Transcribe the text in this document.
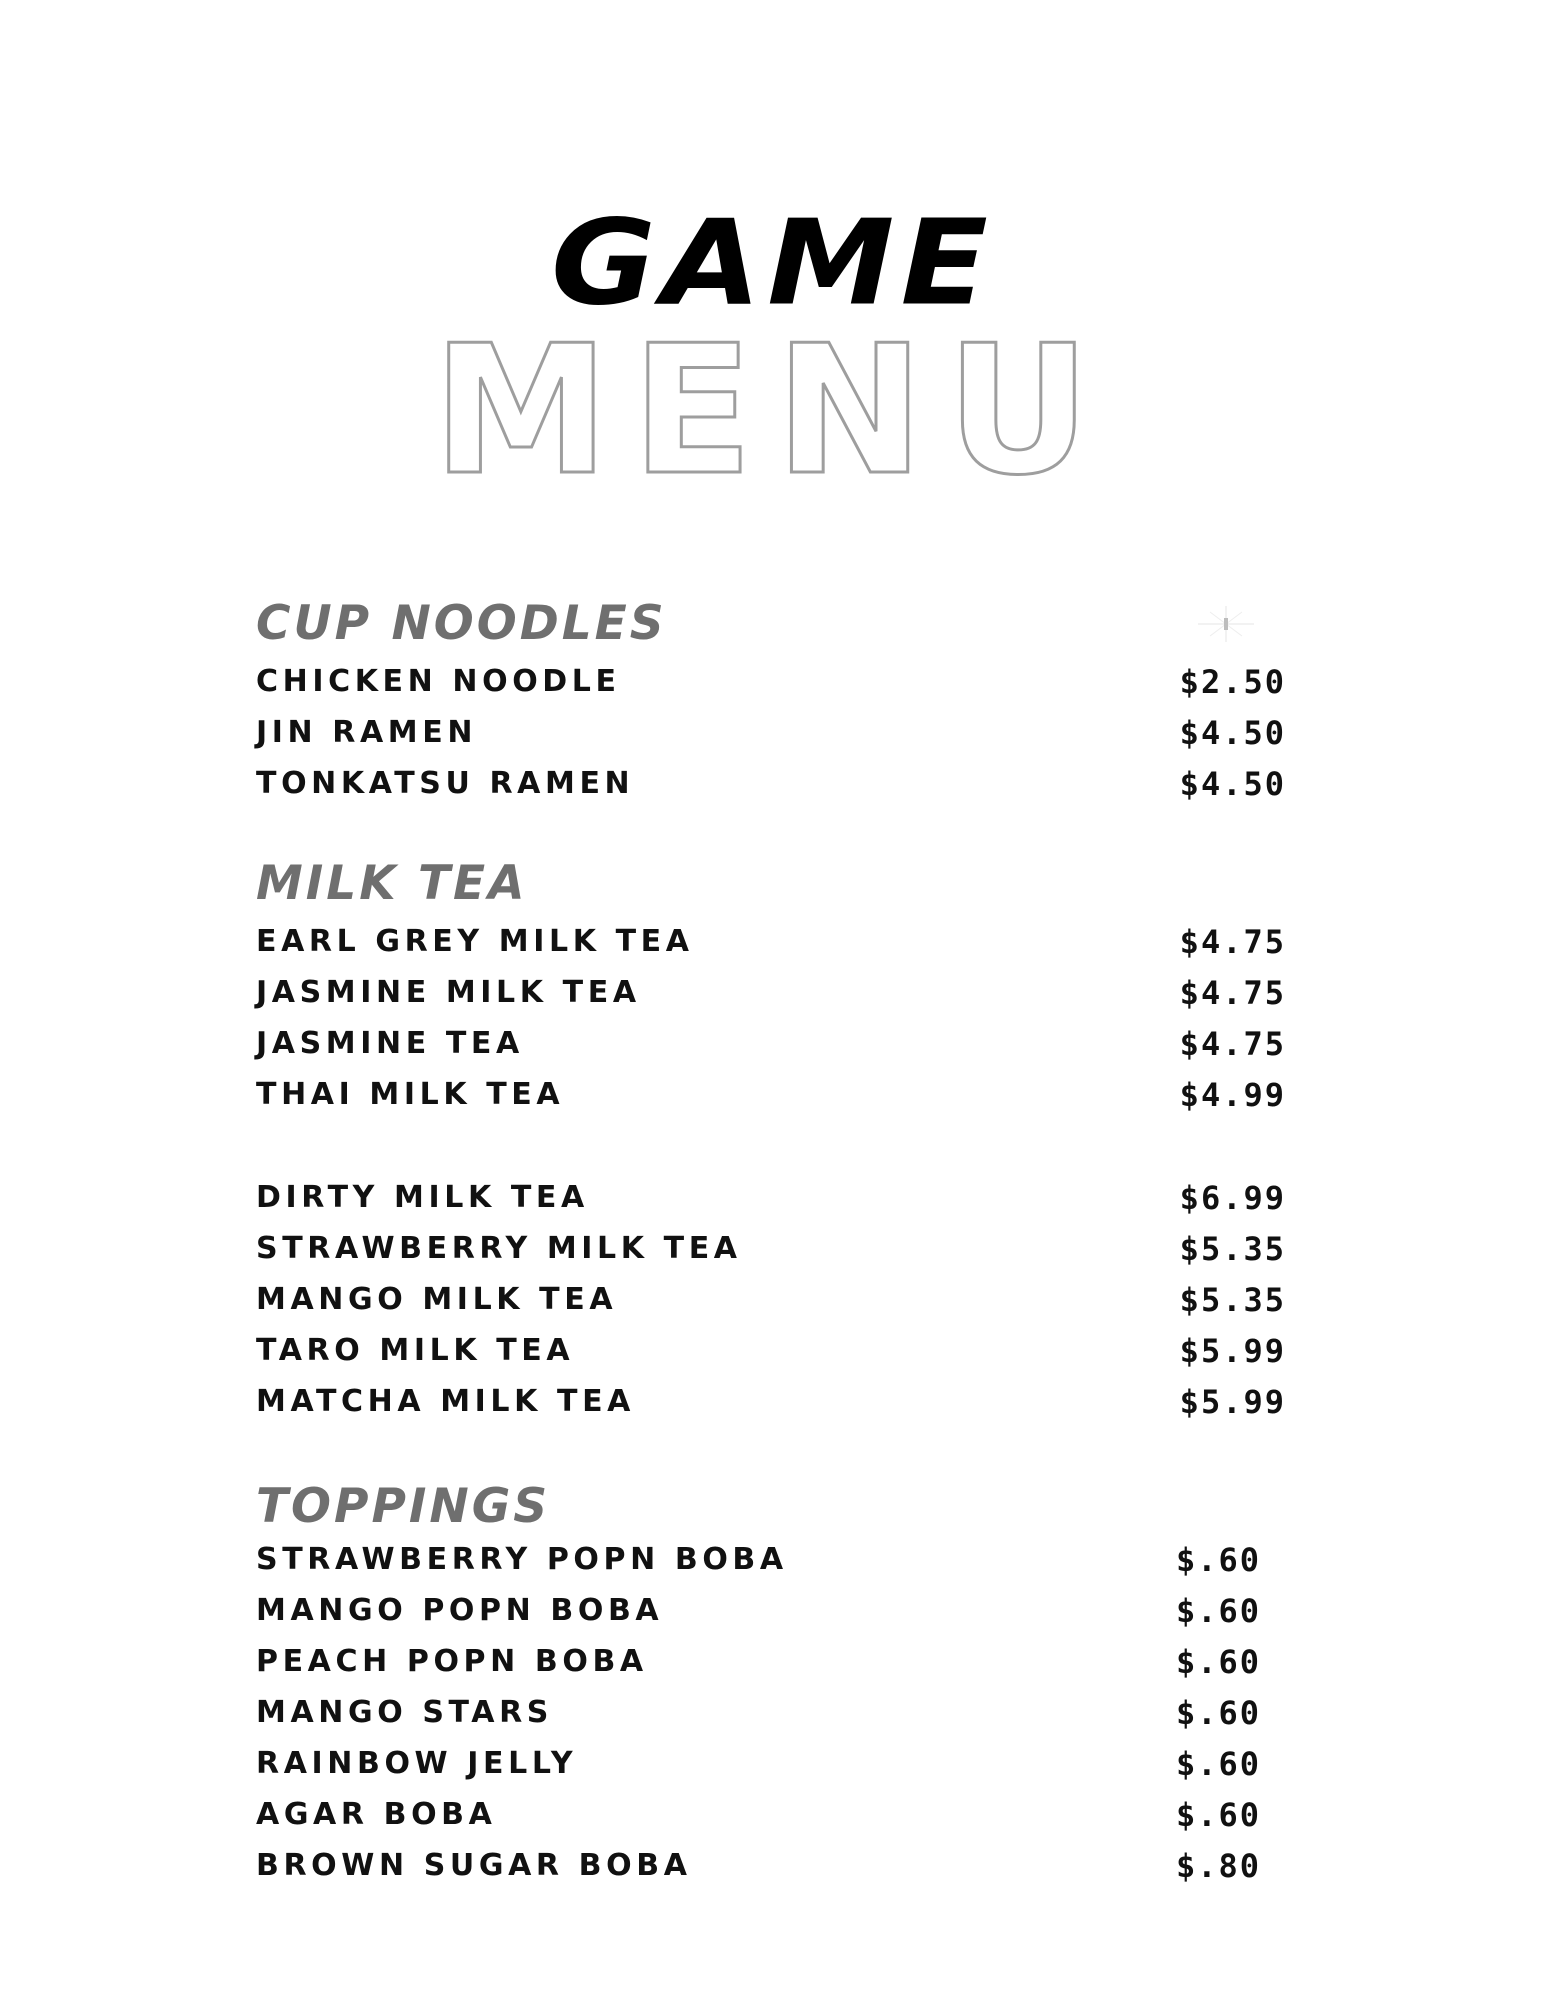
GAME
MENU
CUP NOODLES
CHICKEN NOODLE	$2.50
JIN RAMEN	$4.50
TONKATSU RAMEN	$4.50
MILK TEA
EARL GREY MILK TEA	$4.75
JASMINE MILK TEA	$4.75
JASMINE TEA	$4.75
THAI MILK TEA	$4.99
DIRTY MILK TEA	$6.99
STRAWBERRY MILK TEA	$5.35
MANGO MILK TEA	$5.35
TARO MILK TEA	$5.99
MATCHA MILK TEA	$5.99
TOPPINGS
STRAWBERRY POPN BOBA	$.60
MANGO POPN BOBA	$.60
PEACH POPN BOBA	$.60
MANGO STARS	$.60
RAINBOW JELLY	$.60
AGAR BOBA	$.60
BROWN SUGAR BOBA	$.80
